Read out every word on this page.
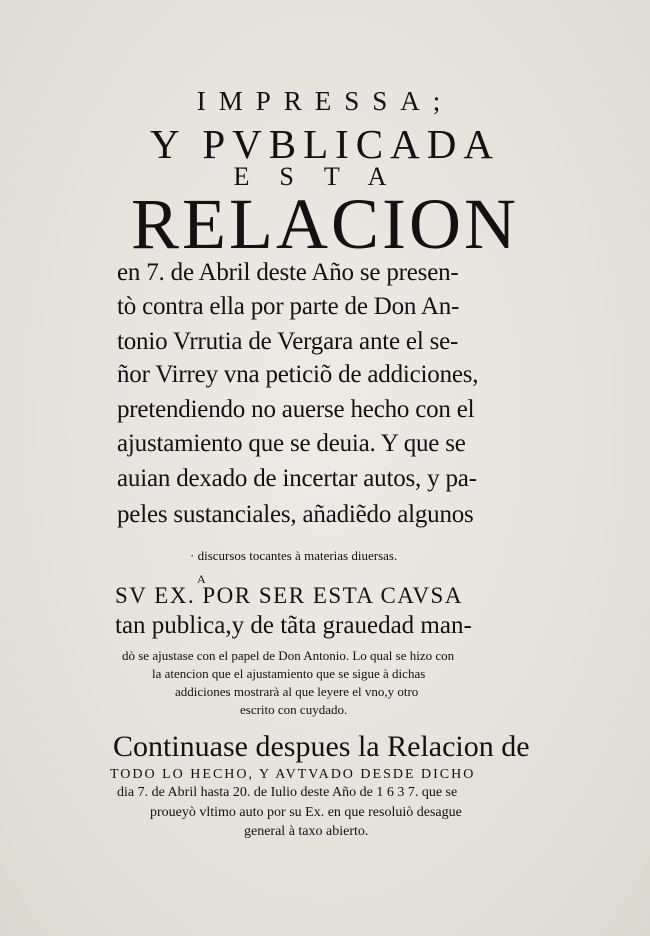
IMPRESSA;
Y PVBLICADA
ESTA
RELACION
en 7. de Abril deste Año se presen-
tò contra ella por parte de Don An-
tonio Vrrutia de Vergara ante el se-
ñor Virrey vna peticiõ de addiciones,
pretendiendo no auerse hecho con el
ajustamiento que se deuia. Y que se
auian dexado de incertar autos, y pa-
peles sustanciales, añadiẽdo algunos
· discursos tocantes à materias diuersas.
A
SV EX. POR SER ESTA CAVSA
tan publica,y de tãta grauedad man-
dò se ajustase con el papel de Don Antonio. Lo qual se hizo con
la atencion que el ajustamiento que se sigue à dichas
addiciones mostrarà al que leyere el vno,y otro
escrito con cuydado.
Continuase despues la Relacion de
TODO LO HECHO, Y AVTVADO DESDE DICHO
dia 7. de Abril hasta 20. de Iulio deste Año de 1 6 3 7. que se
proueyò vltimo auto por su Ex. en que resoluiò desague
general à taxo abierto.
